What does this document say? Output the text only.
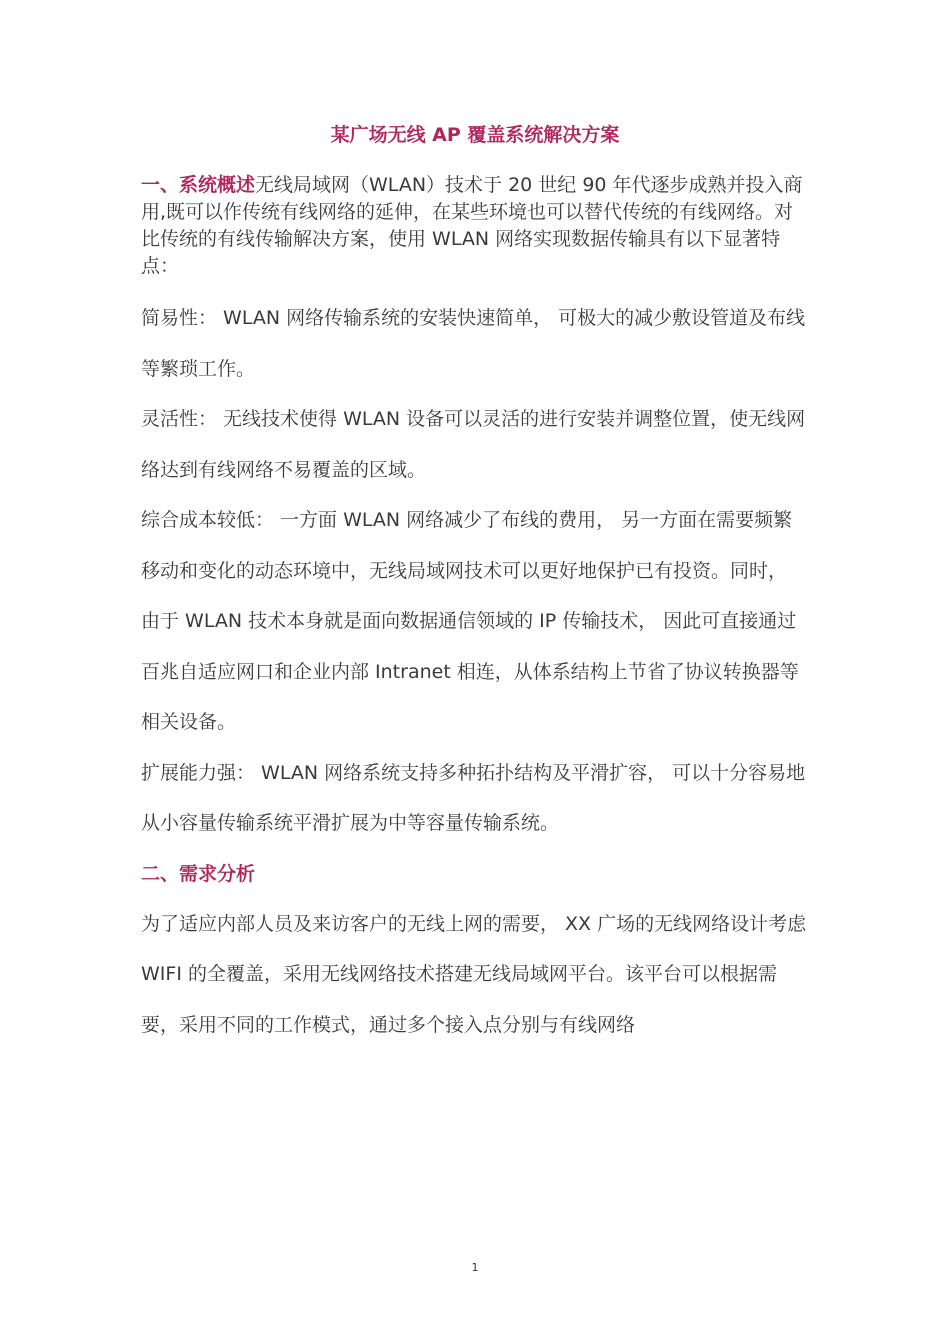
某广场无线 AP 覆盖系统解决方案

一、系统概述无线局域网（WLAN）技术于 20 世纪 90 年代逐步成熟并投入商用,既可以作传统有线网络的延伸，在某些环境也可以替代传统的有线网络。对比传统的有线传输解决方案，使用 WLAN 网络实现数据传输具有以下显著特点：

简易性： WLAN 网络传输系统的安装快速简单， 可极大的减少敷设管道及布线等繁琐工作。

灵活性： 无线技术使得 WLAN 设备可以灵活的进行安装并调整位置，使无线网络达到有线网络不易覆盖的区域。

综合成本较低： 一方面 WLAN 网络减少了布线的费用， 另一方面在需要频繁移动和变化的动态环境中，无线局域网技术可以更好地保护已有投资。同时， 由于 WLAN 技术本身就是面向数据通信领域的 IP 传输技术， 因此可直接通过百兆自适应网口和企业内部 Intranet 相连，从体系结构上节省了协议转换器等相关设备。

扩展能力强： WLAN 网络系统支持多种拓扑结构及平滑扩容， 可以十分容易地从小容量传输系统平滑扩展为中等容量传输系统。

二、需求分析

为了适应内部人员及来访客户的无线上网的需要， XX 广场的无线网络设计考虑 WIFI 的全覆盖，采用无线网络技术搭建无线局域网平台。该平台可以根据需要，采用不同的工作模式，通过多个接入点分别与有线网络

1
